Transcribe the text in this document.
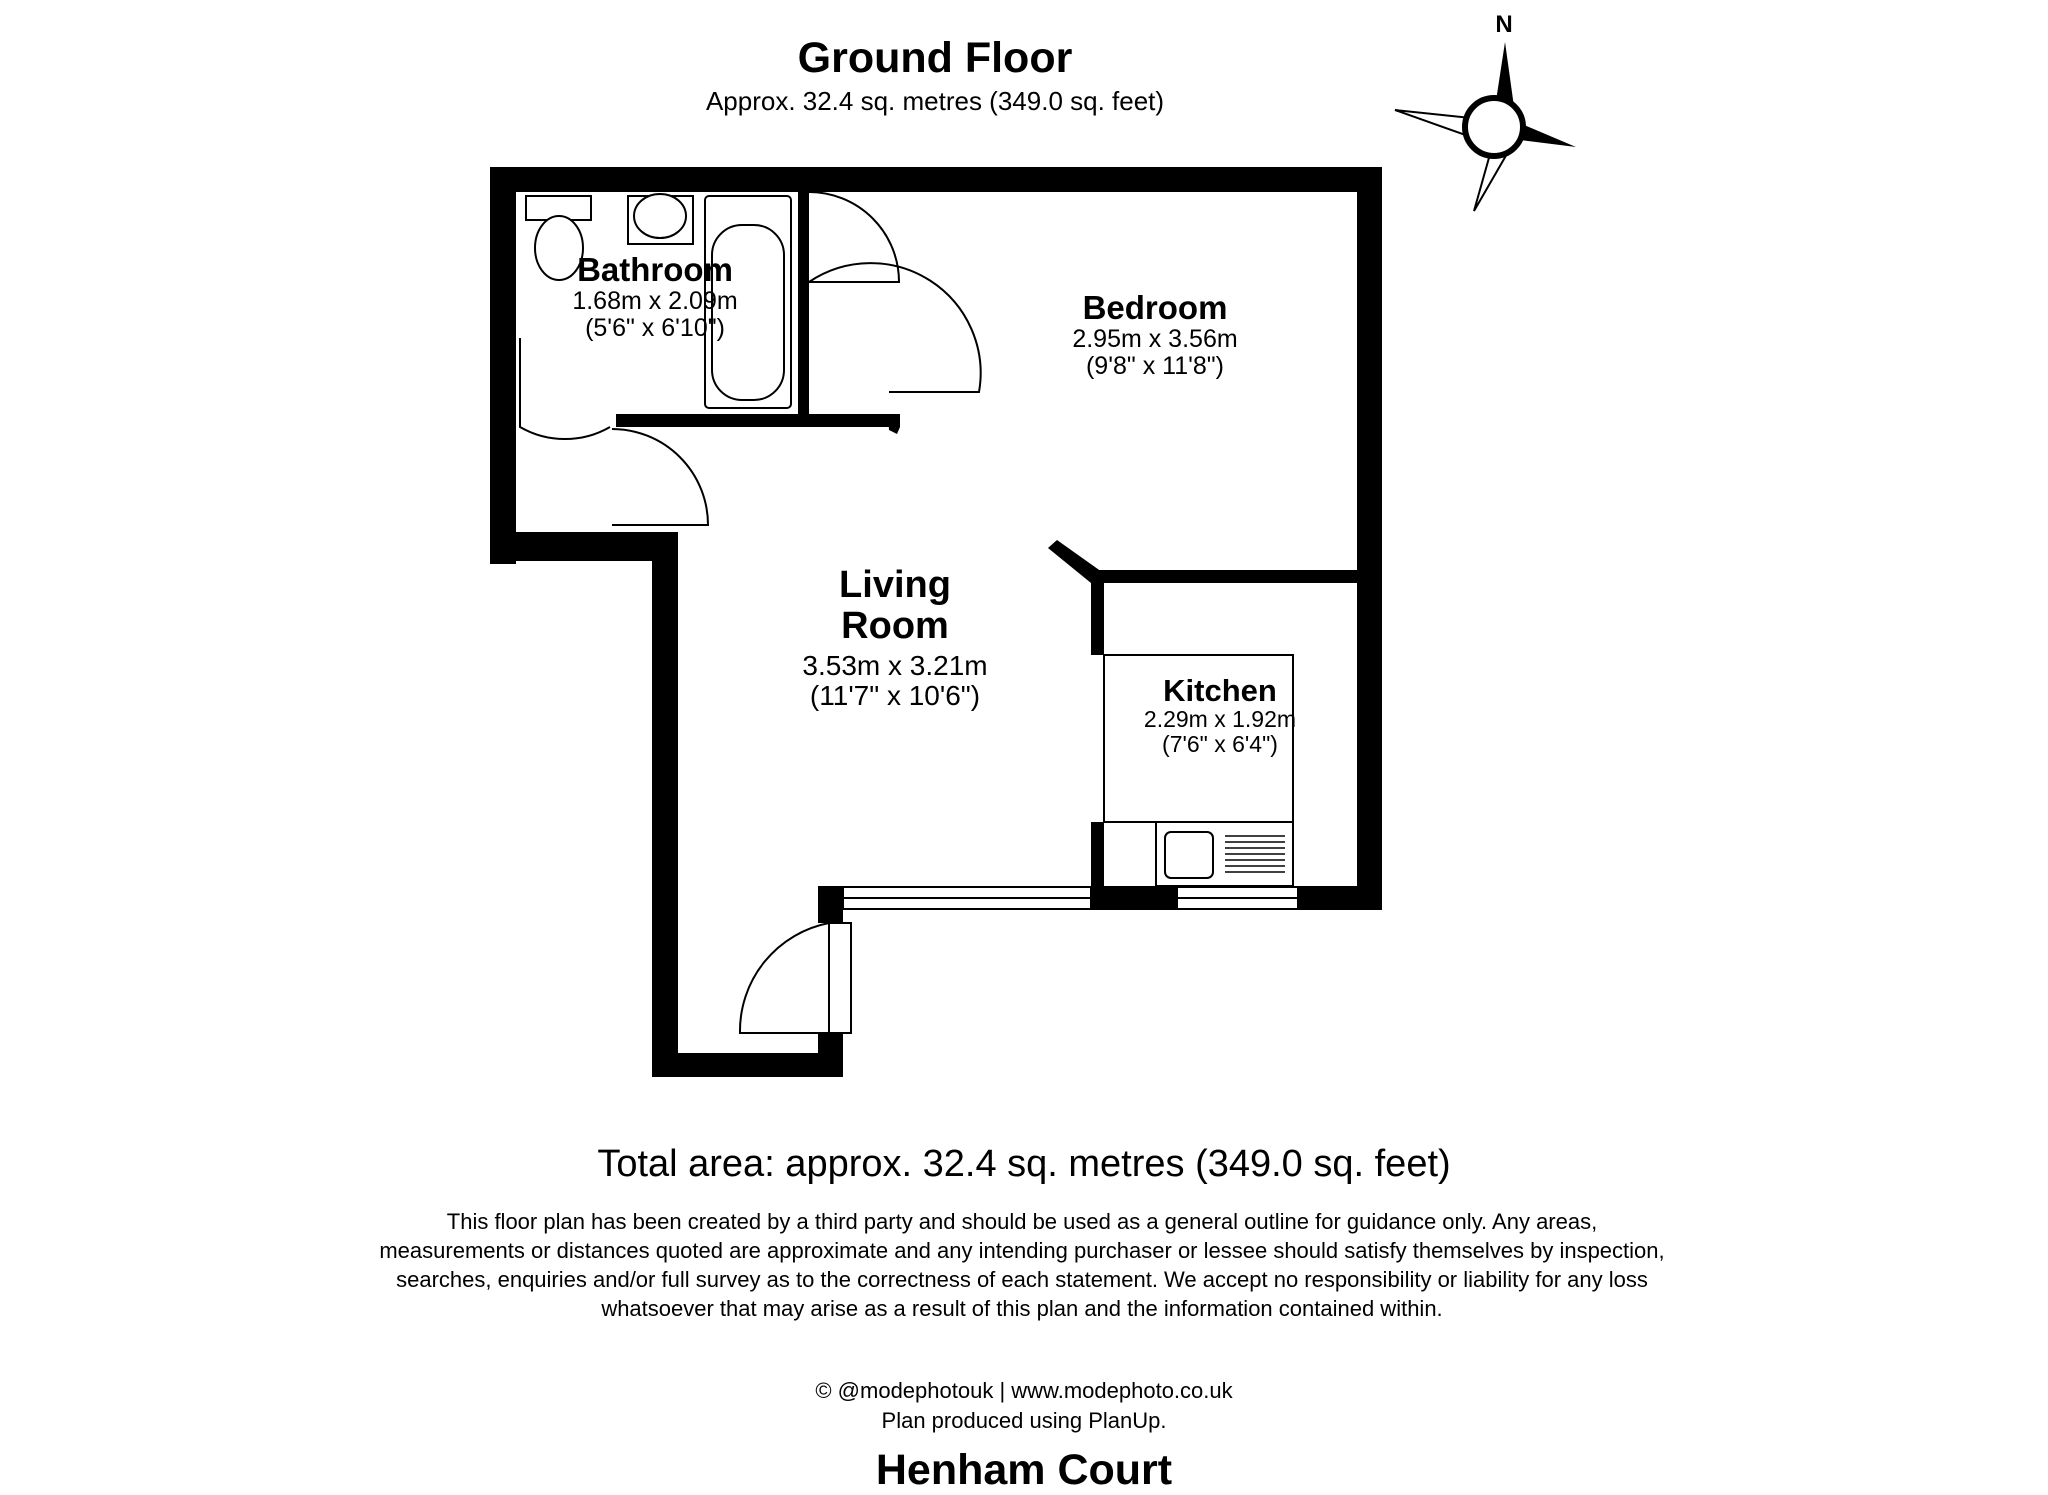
Ground Floor
Approx. 32.4 sq. metres (349.0 sq. feet)
N
Bathroom
1.68m x 2.09m
(5'6" x 6'10")
Bedroom
2.95m x 3.56m
(9'8" x 11'8")
Living
Room
3.53m x 3.21m
(11'7" x 10'6")	Kitchen
2.29m x 1.92m
(7'6" x 6'4")
Total area: approx. 32.4 sq. metres (349.0 sq. feet)
This floor plan has been created by a third party and should be used as a general outline for guidance only. Any areas, measurements or distances quoted are approximate and any intending purchaser or lessee should satisfy themselves by inspection, searches, enquiries and/or full survey as to the correctness of each statement. We accept no responsibility or liability for any loss whatsoever that may arise as a result of this plan and the information contained within.
© @modephotouk | www.modephoto.co.uk
Plan produced using PlanUp.
Henham Court
